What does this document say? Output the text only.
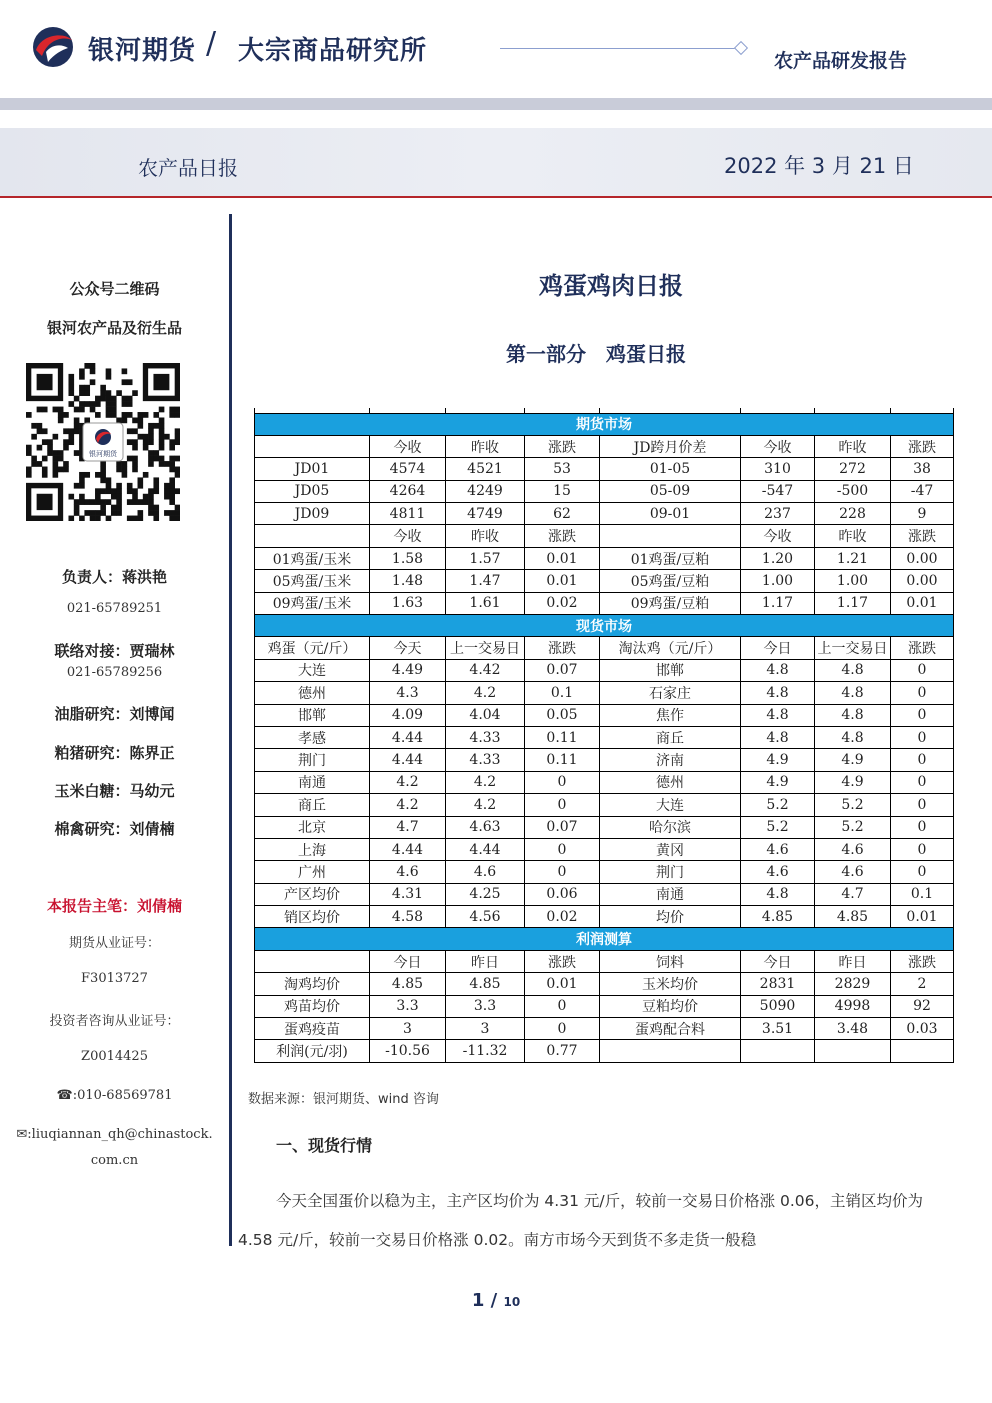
银河期货 / 大宗商品研究所	农产品研发报告
农产品日报	2022 年 3 月 21 日
公众号二维码
银河农产品及衍生品
负责人：蒋洪艳
021-65789251
联络对接：贾瑞林
021-65789256
油脂研究：刘博闻
粕猪研究：陈界正
玉米白糖：马幼元
棉禽研究：刘倩楠
本报告主笔：刘倩楠
期货从业证号：
F3013727
投资者咨询从业证号：
Z0014425
☎:010-68569781
✉:liuqiannan_qh@chinastock.
com.cn
银河期货
鸡蛋鸡肉日报
第一部分　鸡蛋日报

期货市场							
	今收	昨收	涨跌	JD跨月价差	今收	昨收	涨跌
JD01	4574	4521	53	01-05	310	272	38
JD05	4264	4249	15	05-09	-547	-500	-47
JD09	4811	4749	62	09-01	237	228	9
	今收	昨收	涨跌		今收	昨收	涨跌
01鸡蛋/玉米	1.58	1.57	0.01	01鸡蛋/豆粕	1.20	1.21	0.00
05鸡蛋/玉米	1.48	1.47	0.01	05鸡蛋/豆粕	1.00	1.00	0.00
09鸡蛋/玉米	1.63	1.61	0.02	09鸡蛋/豆粕	1.17	1.17	0.01
现货市场							
鸡蛋（元/斤）	今天	上一交易日	涨跌	淘汰鸡（元/斤）	今日	上一交易日	涨跌
大连	4.49	4.42	0.07	邯郸	4.8	4.8	0
德州	4.3	4.2	0.1	石家庄	4.8	4.8	0
邯郸	4.09	4.04	0.05	焦作	4.8	4.8	0
孝感	4.44	4.33	0.11	商丘	4.8	4.8	0
荆门	4.44	4.33	0.11	济南	4.9	4.9	0
南通	4.2	4.2	0	德州	4.9	4.9	0
商丘	4.2	4.2	0	大连	5.2	5.2	0
北京	4.7	4.63	0.07	哈尔滨	5.2	5.2	0
上海	4.44	4.44	0	黄冈	4.6	4.6	0
广州	4.6	4.6	0	荆门	4.6	4.6	0
产区均价	4.31	4.25	0.06	南通	4.8	4.7	0.1
销区均价	4.58	4.56	0.02	均价	4.85	4.85	0.01
利润测算							
	今日	昨日	涨跌	饲料	今日	昨日	涨跌
淘鸡均价	4.85	4.85	0.01	玉米均价	2831	2829	2
鸡苗均价	3.3	3.3	0	豆粕均价	5090	4998	92
蛋鸡疫苗	3	3	0	蛋鸡配合料	3.51	3.48	0.03
利润(元/羽)	-10.56	-11.32	0.77				
数据来源：银河期货、wind 咨询
一、现货行情
今天全国蛋价以稳为主，主产区均价为 4.31 元/斤，较前一交易日价格涨 0.06，主销区均价为 4.58 元/斤，较前一交易日价格涨 0.02。南方市场今天到货不多走货一般稳
1 / 10
